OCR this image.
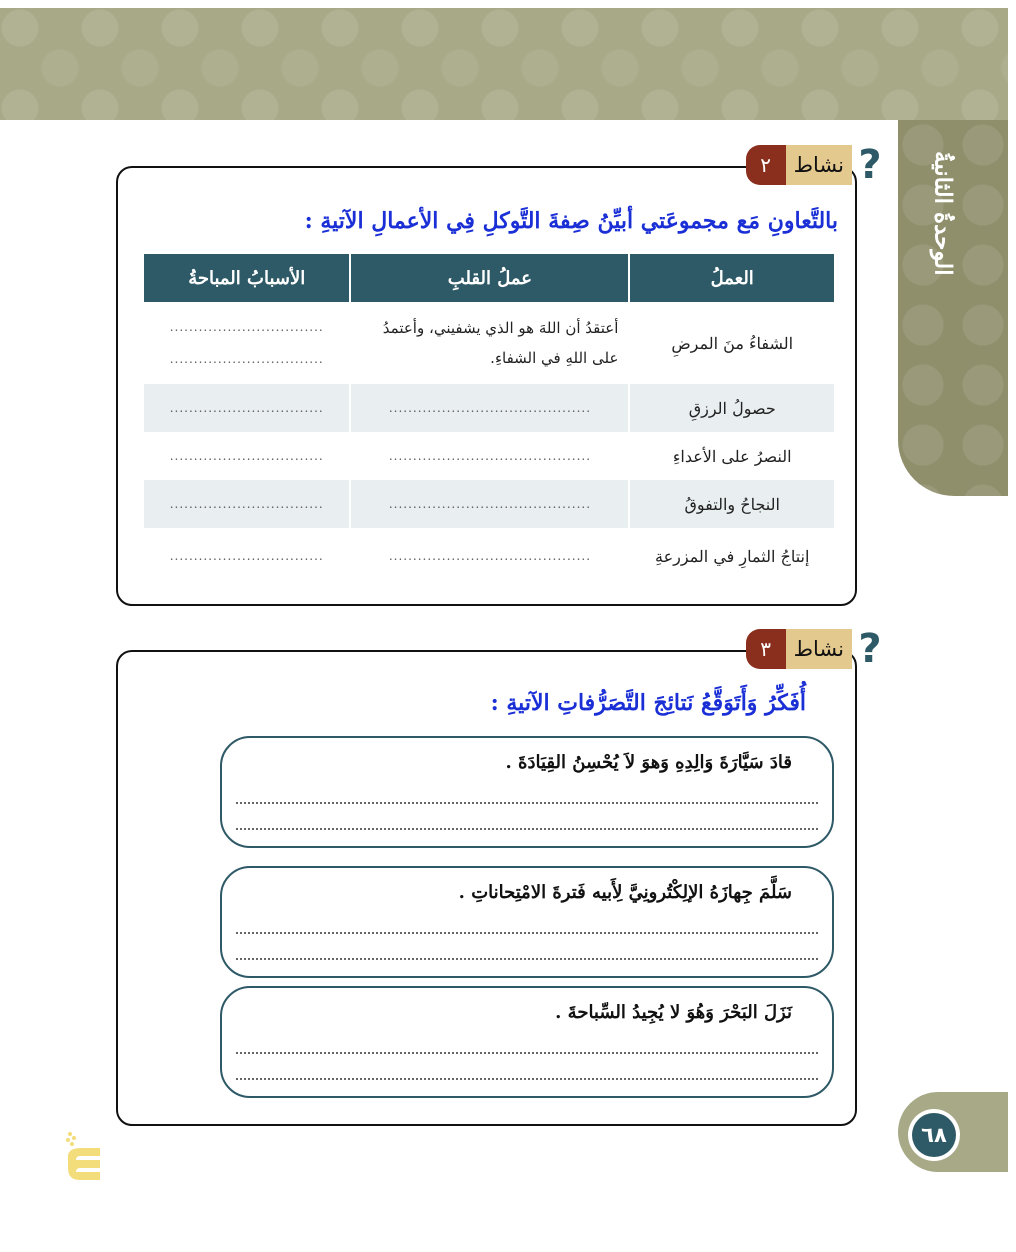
الوحدةُ الثانيةُ
?
نشاط
٢
بالتَّعاونِ مَع مجموعَتي أبيِّنُ صِفةَ التَّوكلِ فِي الأعمالِ الآتيةِ :
العملُ	عملُ القلبِ	الأسبابُ المباحةُ
الشفاءُ منَ المرضِ	أعتقدُ أن اللهَ هو الذي يشفيني، وأعتمدُ على اللهِ في الشفاءِ.	................................
................................

حصولُ الرزقِ	..........................................	................................
النصرُ على الأعداءِ	..........................................	................................
النجاحُ والتفوقُ	..........................................	................................
إنتاجُ الثمارِ في المزرعةِ	..........................................	................................
?
نشاط
٣
أُفَكِّرُ وَأَتَوَقَّعُ نَتائِجَ التَّصَرُّفاتِ الآتيةِ :
قادَ سَيَّارَةَ وَالِدِهِ وَهوَ لاَ يُحْسِنُ القِيَادَةَ .
سَلَّمَ جِهازَهُ الإلِكْتُرونِيَّ لِأَبيه فَترةَ الامْتِحاناتِ .
نَزَلَ البَحْرَ وَهُوَ لا يُجِيدُ السِّباحةَ .
٦٨
